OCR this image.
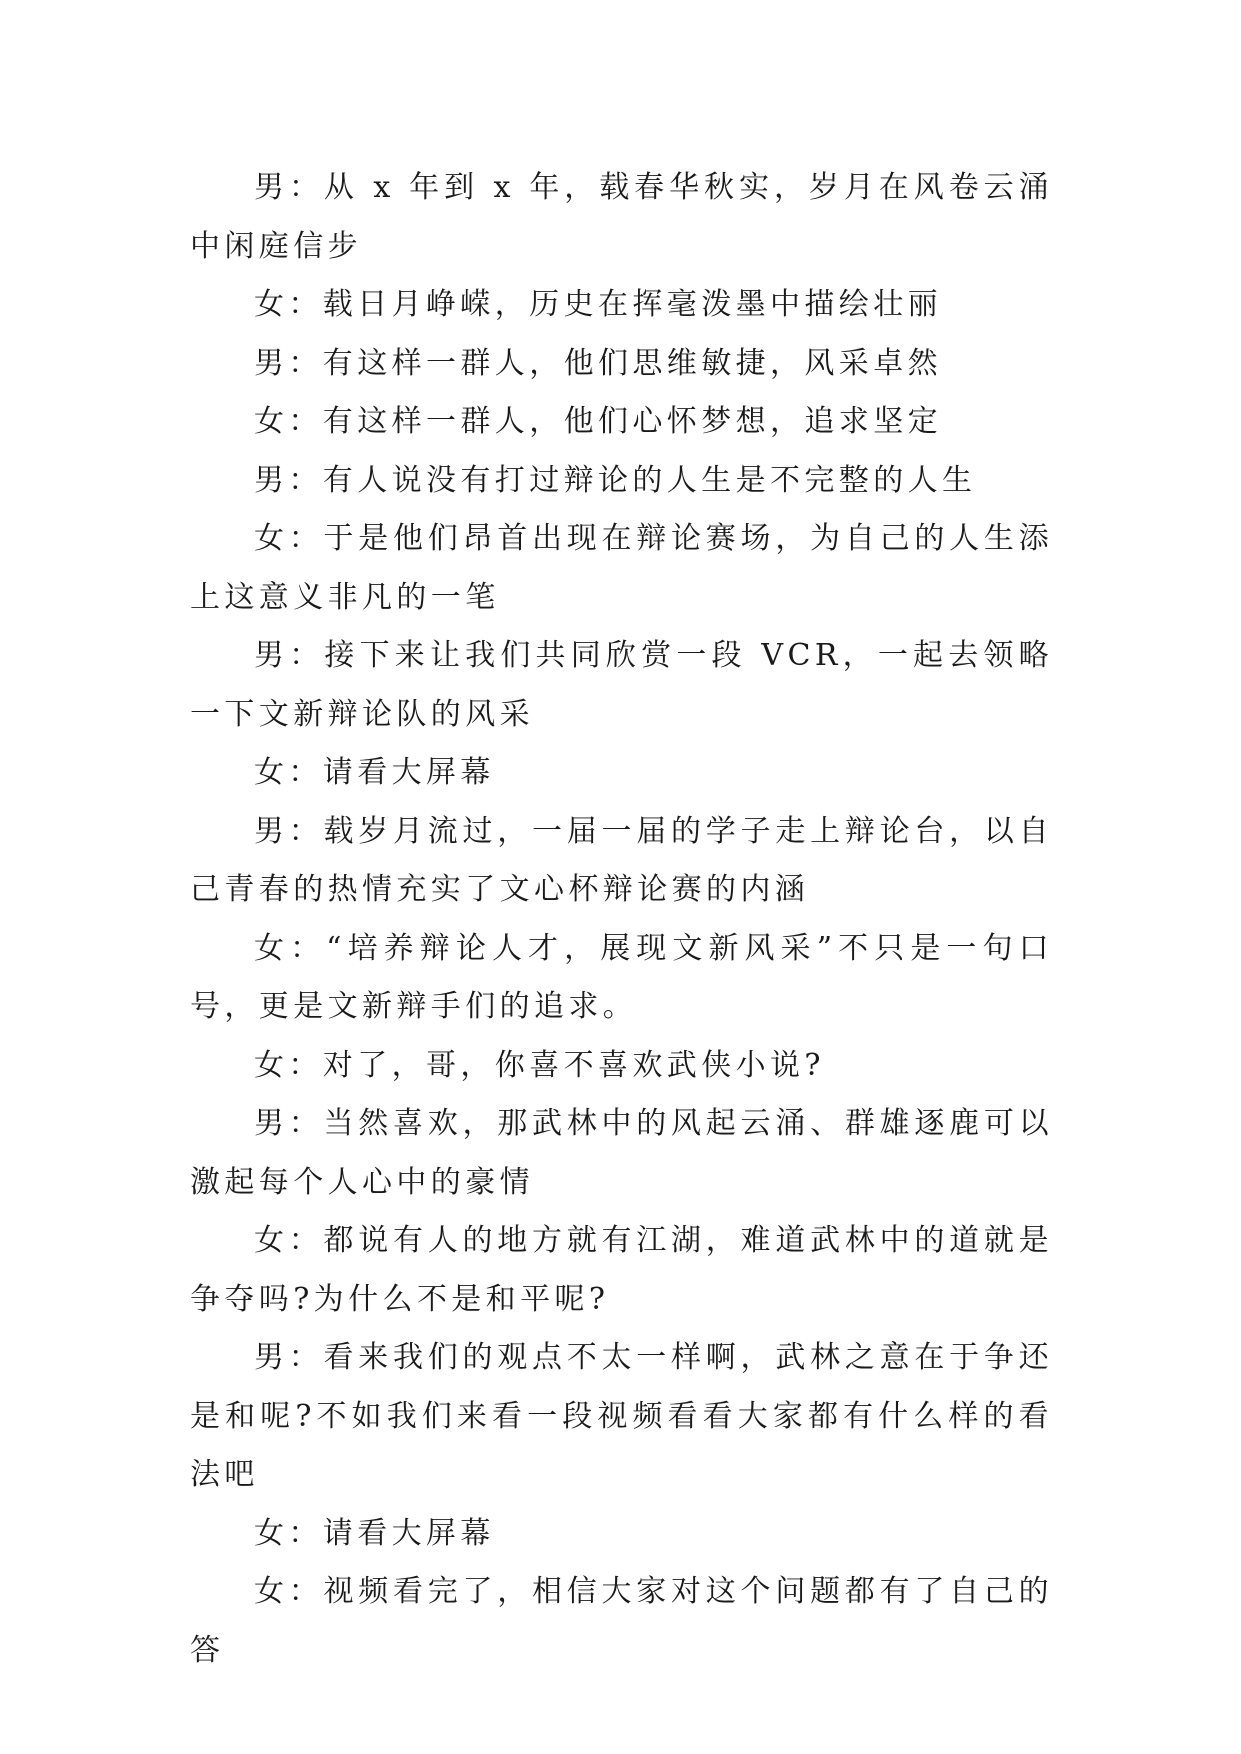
男：从 x 年到 x 年，载春华秋实，岁月在风卷云涌中闲庭信步

女：载日月峥嵘，历史在挥毫泼墨中描绘壮丽

男：有这样一群人，他们思维敏捷，风采卓然

女：有这样一群人，他们心怀梦想，追求坚定

男：有人说没有打过辩论的人生是不完整的人生

女：于是他们昂首出现在辩论赛场，为自己的人生添上这意义非凡的一笔

男：接下来让我们共同欣赏一段 VCR，一起去领略一下文新辩论队的风采

女：请看大屏幕

男：载岁月流过，一届一届的学子走上辩论台，以自己青春的热情充实了文心杯辩论赛的内涵

女：“培养辩论人才，展现文新风采”不只是一句口号，更是文新辩手们的追求。

女：对了，哥，你喜不喜欢武侠小说?

男：当然喜欢，那武林中的风起云涌、群雄逐鹿可以激起每个人心中的豪情

女：都说有人的地方就有江湖，难道武林中的道就是争夺吗?为什么不是和平呢?

男：看来我们的观点不太一样啊，武林之意在于争还是和呢?不如我们来看一段视频看看大家都有什么样的看法吧

女：请看大屏幕

女：视频看完了，相信大家对这个问题都有了自己的答
